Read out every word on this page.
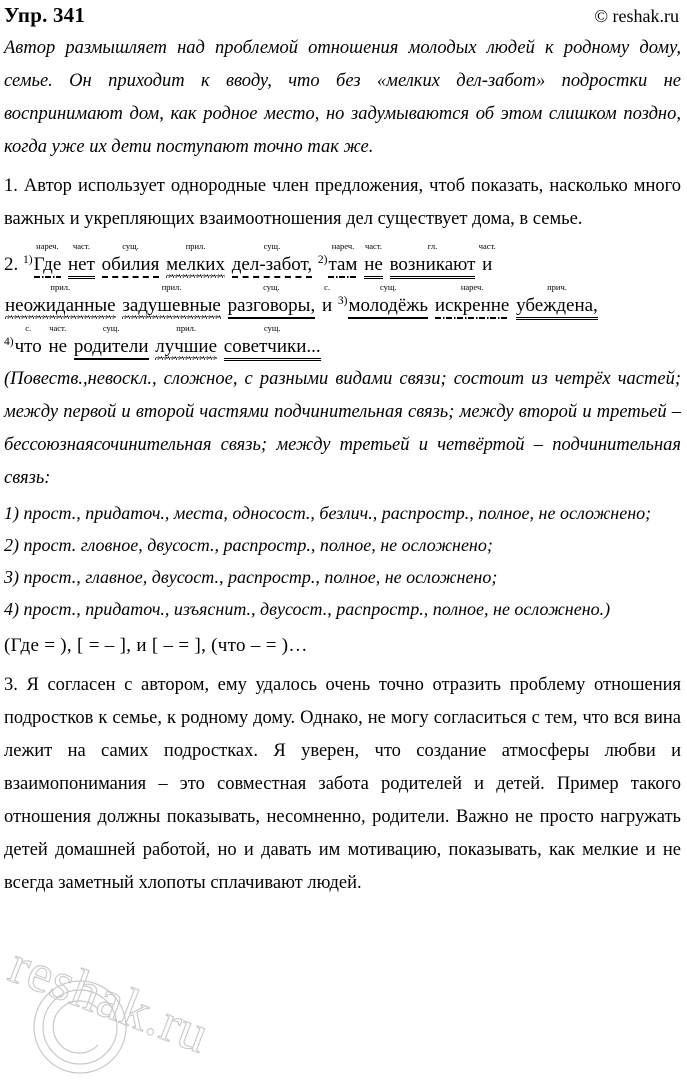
reshak.ru
Упр. 341	© reshak.ru

Автор размышляет над проблемой отношения молодых людей к родному дому, семье. Он приходит к вводу, что без «мелких дел-забот» подростки не воспринимают дом, как родное место, но задумываются об этом слишком поздно, когда уже их дети поступают точно так же.

1. Автор использует однородные член предложения, чтоб показать, насколько много важных и укрепляющих взаимоотношения дел существует дома, в семье.

2. $^{1)}$
нареч.
Где
част.
нет
сущ.
обилия
прил.
мелких
сущ.
дел-забот, $^{2)}$
нареч.
там
част.
не
гл.
возникают
част.
и
прил.
неожиданные
прил.
задушевные
сущ.
разговоры,
с.
и $^{3)}$
сущ.
молодёжь
нареч.
искренне
прич.
убеждена,
$^{4)}$
с.
что
част.
не
сущ.
родители
прил.
лучшие
сущ.
советчики...

(Повеств.,невоскл., сложное, с разными видами связи; состоит из четрёх частей; между первой и второй частями подчинительная связь; между второй и третьей – бессоюзнаясочинительная связь; между третьей и четвёртой – подчинительная связь:

1) прост., придаточ., места, односост., безлич., распростр., полное, не осложнено;
2) прост. гловное, двусост., распростр., полное, не осложнено;
3) прост., главное, двусост., распростр., полное, не осложнено;
4) прост., придаточ., изъяснит., двусост., распростр., полное, не осложнено.)
(Где = ), [ = – ], и [ – = ], (что – = )…

3. Я согласен с автором, ему удалось очень точно отразить проблему отношения подростков к семье, к родному дому. Однако, не могу согласиться с тем, что вся вина лежит на самих подростках. Я уверен, что создание атмосферы любви и взаимопонимания – это совместная забота родителей и детей. Пример такого отношения должны показывать, несомненно, родители. Важно не просто нагружать детей домашней работой, но и давать им мотивацию, показывать, как мелкие и не всегда заметный хлопоты сплачивают людей.
